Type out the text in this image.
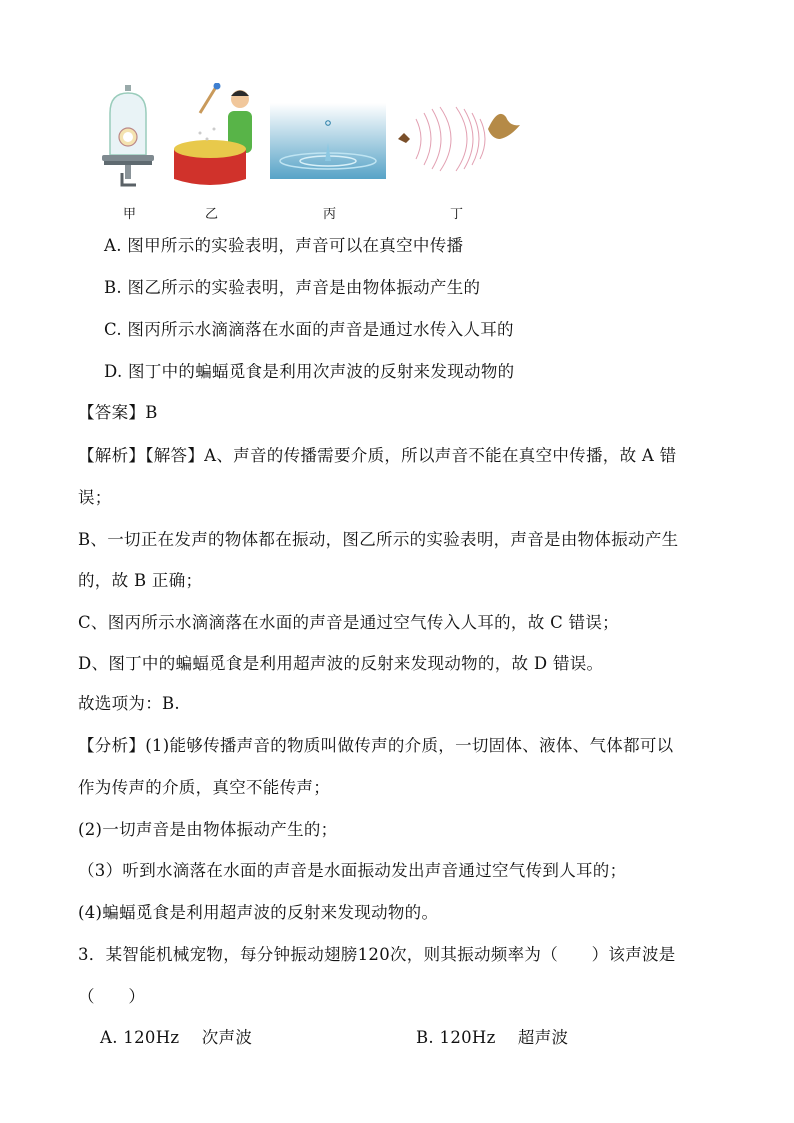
甲	乙	丙	丁
A. 图甲所示的实验表明，声音可以在真空中传播
B. 图乙所示的实验表明，声音是由物体振动产生的
C. 图丙所示水滴滴落在水面的声音是通过水传入人耳的
D. 图丁中的蝙蝠觅食是利用次声波的反射来发现动物的
【答案】B
【解析】【解答】A、声音的传播需要介质，所以声音不能在真空中传播，故 A 错
误；
B、一切正在发声的物体都在振动，图乙所示的实验表明，声音是由物体振动产生
的，故 B 正确；
C、图丙所示水滴滴落在水面的声音是通过空气传入人耳的，故 C 错误；
D、图丁中的蝙蝠觅食是利用超声波的反射来发现动物的，故 D 错误。
故选项为：B.
【分析】(1)能够传播声音的物质叫做传声的介质，一切固体、液体、气体都可以
作为传声的介质，真空不能传声；
(2)一切声音是由物体振动产生的；
（3）听到水滴落在水面的声音是水面振动发出声音通过空气传到人耳的；
(4)蝙蝠觅食是利用超声波的反射来发现动物的。
3．某智能机械宠物，每分钟振动翅膀120次，则其振动频率为（　　）该声波是
（　　）
A. 120Hz　 次声波	B. 120Hz　 超声波
